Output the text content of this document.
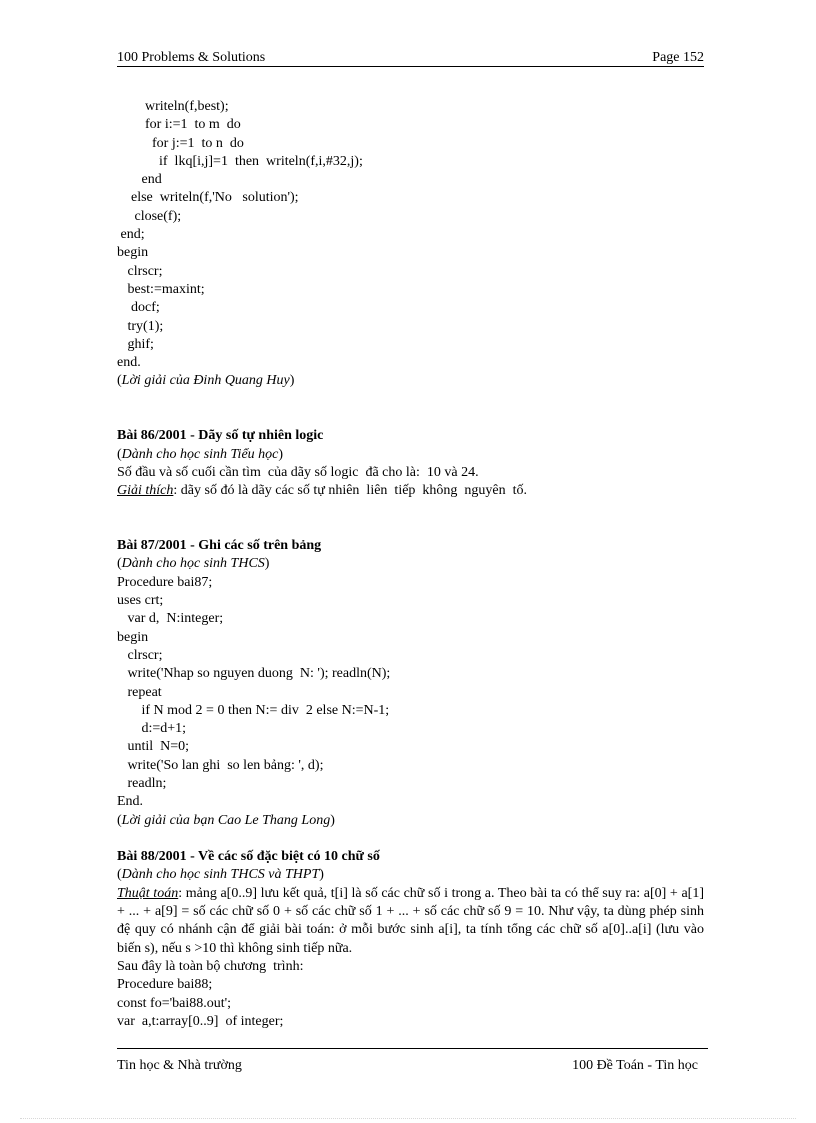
100 Problems & Solutions	Page 152
writeln(f,best);
for i:=1  to m  do
for j:=1  to n  do
if  lkq[i,j]=1  then  writeln(f,i,#32,j);
end
else  writeln(f,'No   solution');
close(f);
end;
begin
clrscr;
best:=maxint;
docf;
try(1);
ghif;
end.
(Lời giải của Đinh Quang Huy)
Bài 86/2001 - Dãy số tự nhiên logic
(Dành cho học sinh Tiểu học)
Số đầu và số cuối cần tìm  của dãy số logic  đã cho là:  10 và 24.
Giải thích: dãy số đó là dãy các số tự nhiên  liên  tiếp  không  nguyên  tố.
Bài 87/2001 - Ghi các số trên bảng
(Dành cho học sinh THCS)
Procedure bai87;
uses crt;
var d,  N:integer;
begin
clrscr;
write('Nhap so nguyen duong  N: '); readln(N);
repeat
if N mod 2 = 0 then N:= div  2 else N:=N-1;
d:=d+1;
until  N=0;
write('So lan ghi  so len bảng: ', d);
readln;
End.
(Lời giải của bạn Cao Le Thang Long)
Bài 88/2001 - Về các số đặc biệt có 10 chữ số
(Dành cho học sinh THCS và THPT)
Thuật toán: mảng a[0..9] lưu kết quả, t[i] là số các chữ số i trong a. Theo bài ta có thể suy ra: a[0] + a[1] + ... + a[9] = số các chữ số 0 + số các chữ số 1 + ... + số các chữ số 9 = 10. Như vậy, ta dùng phép sinh đệ quy có nhánh cận để giải bài toán: ở mỗi bước sinh a[i], ta tính tổng các chữ số a[0]..a[i] (lưu vào biến s), nếu s >10 thì không sinh tiếp nữa.
Sau đây là toàn bộ chương  trình:
Procedure bai88;
const fo='bai88.out';
var  a,t:array[0..9]  of integer;
Tin học & Nhà trường	100 Đề Toán - Tin học
